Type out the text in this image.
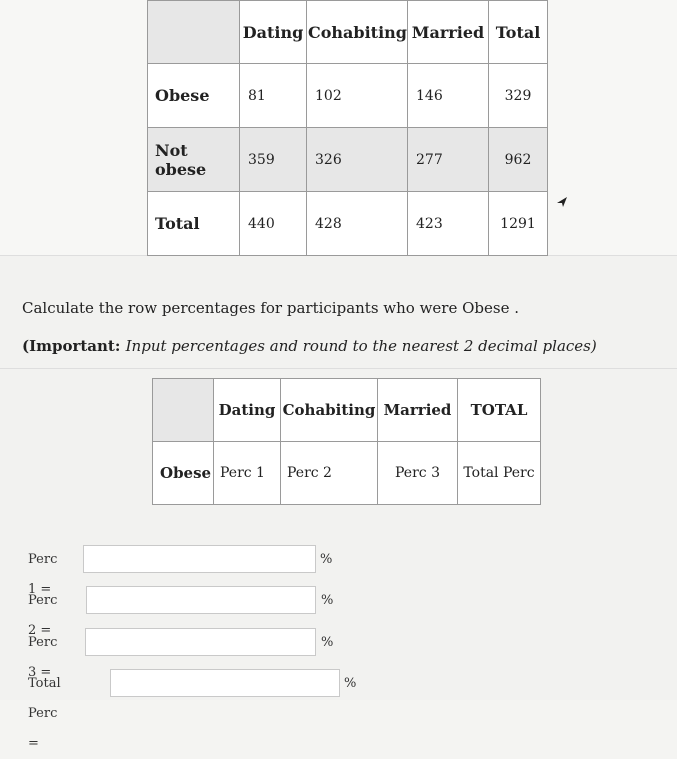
	Dating	Cohabiting	Married	Total
Obese	81	102	146	329
Not obese	359	326	277	962
Total	440	428	423	1291
Calculate the row percentages for participants who were Obese .
(Important: Input percentages and round to the nearest 2 decimal places)
	Dating	Cohabiting	Married	TOTAL
Obese	Perc 1	Perc 2	Perc 3	Total Perc
Perc 1 =
%
Perc 2 =
%
Perc 3 =
%
Total Perc =
%
